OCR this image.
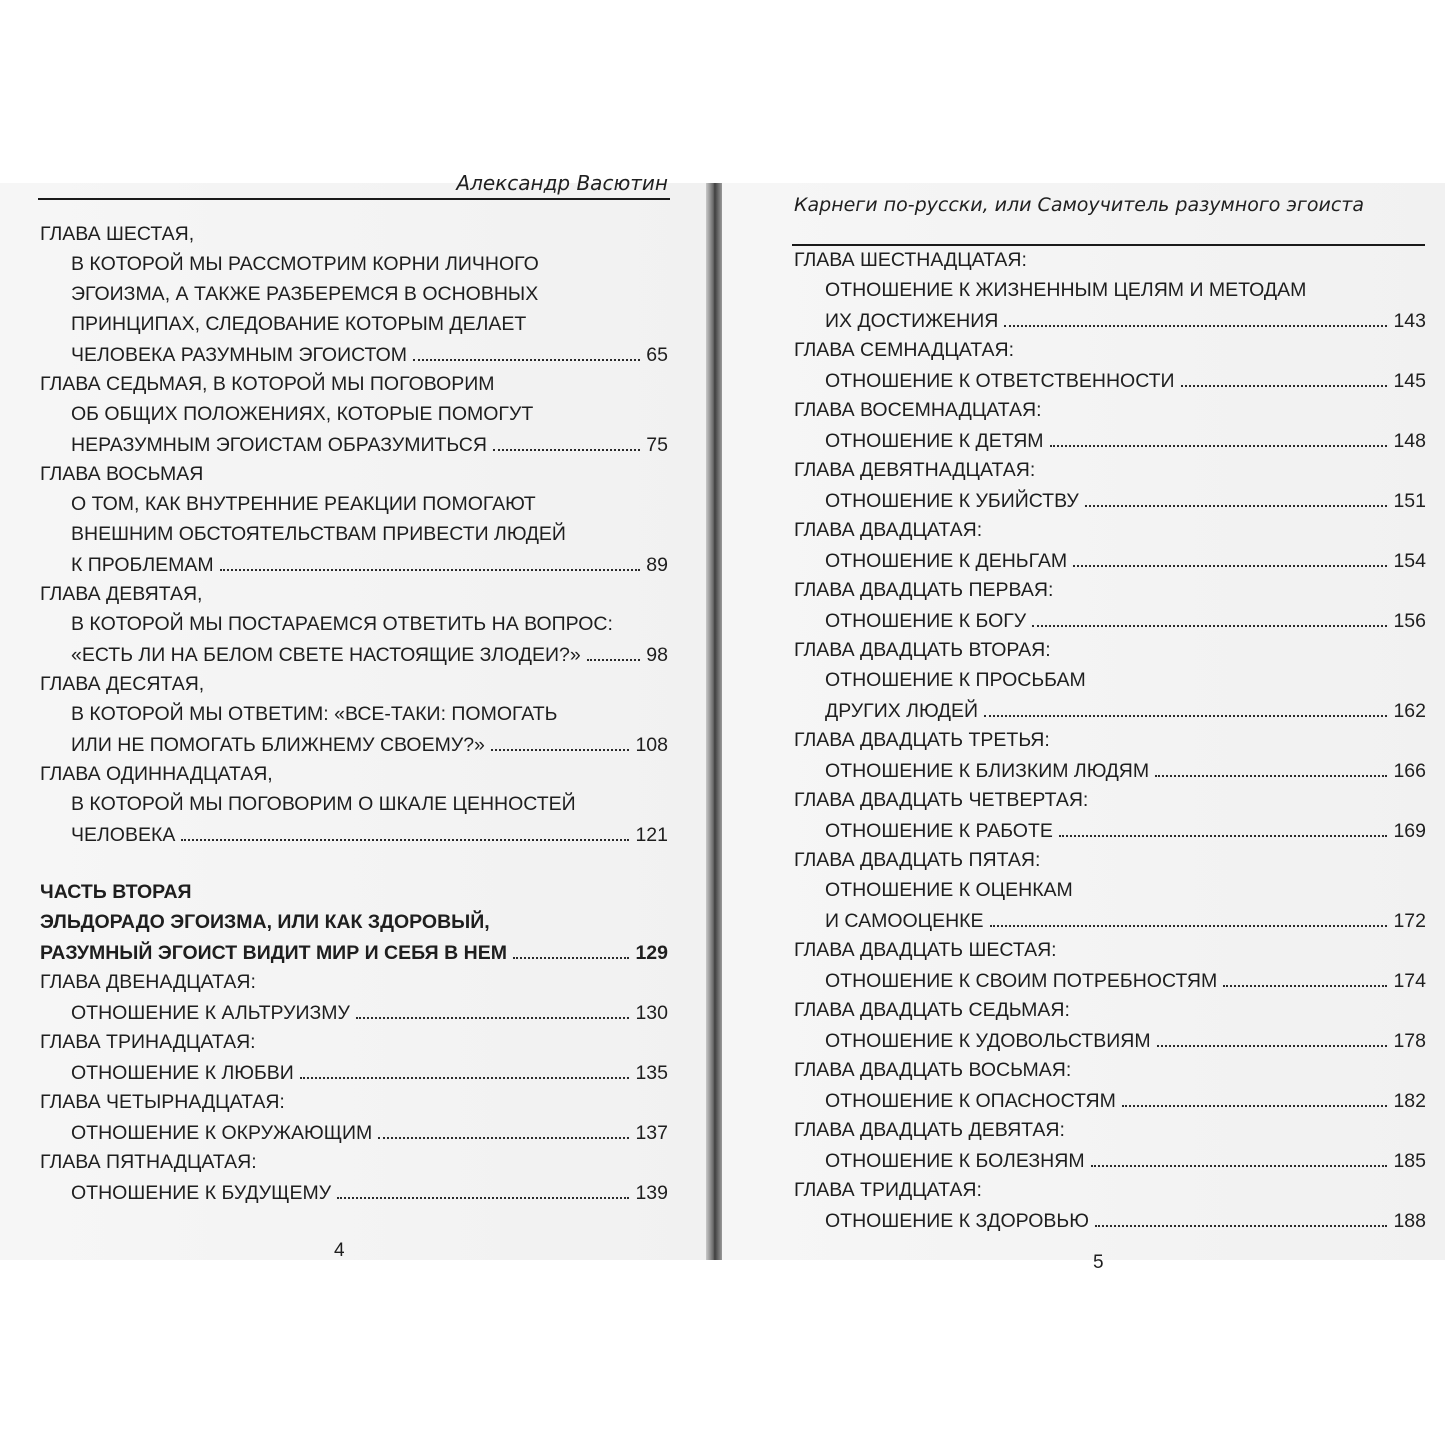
Александр Васютин
ГЛАВА ШЕСТАЯ,
В КОТОРОЙ МЫ РАССМОТРИМ КОРНИ ЛИЧНОГО
ЭГОИЗМА, А ТАКЖЕ РАЗБЕРЕМСЯ В ОСНОВНЫХ
ПРИНЦИПАХ, СЛЕДОВАНИЕ КОТОРЫМ ДЕЛАЕТ
ЧЕЛОВЕКА РАЗУМНЫМ ЭГОИСТОМ	65
ГЛАВА СЕДЬМАЯ, В КОТОРОЙ МЫ ПОГОВОРИМ
ОБ ОБЩИХ ПОЛОЖЕНИЯХ, КОТОРЫЕ ПОМОГУТ
НЕРАЗУМНЫМ ЭГОИСТАМ ОБРАЗУМИТЬСЯ	75
ГЛАВА ВОСЬМАЯ
О ТОМ, КАК ВНУТРЕННИЕ РЕАКЦИИ ПОМОГАЮТ
ВНЕШНИМ ОБСТОЯТЕЛЬСТВАМ ПРИВЕСТИ ЛЮДЕЙ
К ПРОБЛЕМАМ	89
ГЛАВА ДЕВЯТАЯ,
В КОТОРОЙ МЫ ПОСТАРАЕМСЯ ОТВЕТИТЬ НА ВОПРОС:
«ЕСТЬ ЛИ НА БЕЛОМ СВЕТЕ НАСТОЯЩИЕ ЗЛОДЕИ?»	98
ГЛАВА ДЕСЯТАЯ,
В КОТОРОЙ МЫ ОТВЕТИМ: «ВСЕ-ТАКИ: ПОМОГАТЬ
ИЛИ НЕ ПОМОГАТЬ БЛИЖНЕМУ СВОЕМУ?»	108
ГЛАВА ОДИННАДЦАТАЯ,
В КОТОРОЙ МЫ ПОГОВОРИМ О ШКАЛЕ ЦЕННОСТЕЙ
ЧЕЛОВЕКА	121
ЧАСТЬ ВТОРАЯ
ЭЛЬДОРАДО ЭГОИЗМА, ИЛИ КАК ЗДОРОВЫЙ,
РАЗУМНЫЙ ЭГОИСТ ВИДИТ МИР И СЕБЯ В НЕМ	129
ГЛАВА ДВЕНАДЦАТАЯ:
ОТНОШЕНИЕ К АЛЬТРУИЗМУ	130
ГЛАВА ТРИНАДЦАТАЯ:
ОТНОШЕНИЕ К ЛЮБВИ	135
ГЛАВА ЧЕТЫРНАДЦАТАЯ:
ОТНОШЕНИЕ К ОКРУЖАЮЩИМ	137
ГЛАВА ПЯТНАДЦАТАЯ:
ОТНОШЕНИЕ К БУДУЩЕМУ	139
4
Карнеги по-русски, или Самоучитель разумного эгоиста
ГЛАВА ШЕСТНАДЦАТАЯ:
ОТНОШЕНИЕ К ЖИЗНЕННЫМ ЦЕЛЯМ И МЕТОДАМ
ИХ ДОСТИЖЕНИЯ	143
ГЛАВА СЕМНАДЦАТАЯ:
ОТНОШЕНИЕ К ОТВЕТСТВЕННОСТИ	145
ГЛАВА ВОСЕМНАДЦАТАЯ:
ОТНОШЕНИЕ К ДЕТЯМ	148
ГЛАВА ДЕВЯТНАДЦАТАЯ:
ОТНОШЕНИЕ К УБИЙСТВУ	151
ГЛАВА ДВАДЦАТАЯ:
ОТНОШЕНИЕ К ДЕНЬГАМ	154
ГЛАВА ДВАДЦАТЬ ПЕРВАЯ:
ОТНОШЕНИЕ К БОГУ	156
ГЛАВА ДВАДЦАТЬ ВТОРАЯ:
ОТНОШЕНИЕ К ПРОСЬБАМ
ДРУГИХ ЛЮДЕЙ	162
ГЛАВА ДВАДЦАТЬ ТРЕТЬЯ:
ОТНОШЕНИЕ К БЛИЗКИМ ЛЮДЯМ	166
ГЛАВА ДВАДЦАТЬ ЧЕТВЕРТАЯ:
ОТНОШЕНИЕ К РАБОТЕ	169
ГЛАВА ДВАДЦАТЬ ПЯТАЯ:
ОТНОШЕНИЕ К ОЦЕНКАМ
И САМООЦЕНКЕ	172
ГЛАВА ДВАДЦАТЬ ШЕСТАЯ:
ОТНОШЕНИЕ К СВОИМ ПОТРЕБНОСТЯМ	174
ГЛАВА ДВАДЦАТЬ СЕДЬМАЯ:
ОТНОШЕНИЕ К УДОВОЛЬСТВИЯМ	178
ГЛАВА ДВАДЦАТЬ ВОСЬМАЯ:
ОТНОШЕНИЕ К ОПАСНОСТЯМ	182
ГЛАВА ДВАДЦАТЬ ДЕВЯТАЯ:
ОТНОШЕНИЕ К БОЛЕЗНЯМ	185
ГЛАВА ТРИДЦАТАЯ:
ОТНОШЕНИЕ К ЗДОРОВЬЮ	188
5
